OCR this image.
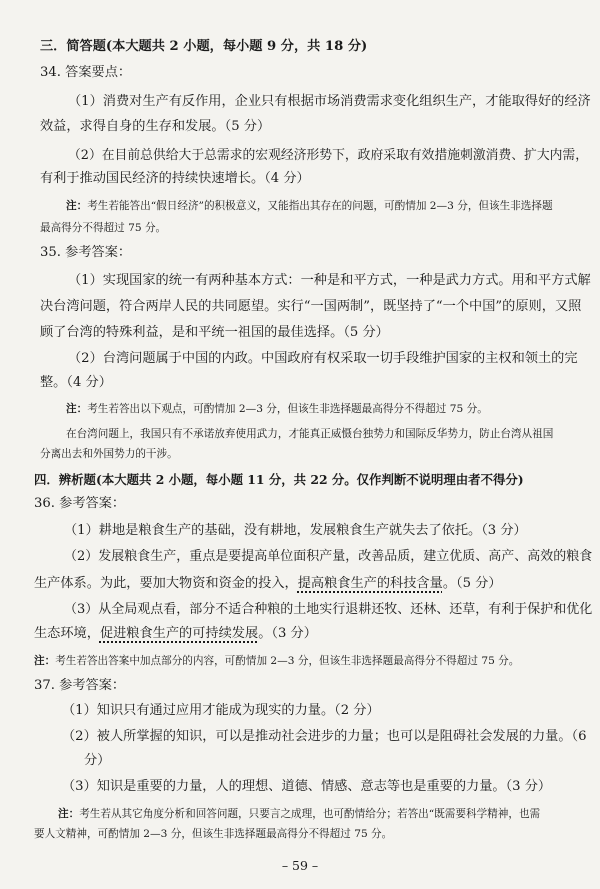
三．简答题(本大题共 2 小题，每小题 9 分，共 18 分)
34. 答案要点：
（1）消费对生产有反作用，企业只有根据市场消费需求变化组织生产，才能取得好的经济
效益，求得自身的生存和发展。（5 分）
（2）在目前总供给大于总需求的宏观经济形势下，政府采取有效措施刺激消费、扩大内需，
有利于推动国民经济的持续快速增长。（4 分）
注：考生若能答出“假日经济”的积极意义，又能指出其存在的问题，可酌情加 2—3 分，但该生非选择题
最高得分不得超过 75 分。
35. 参考答案：
（1）实现国家的统一有两种基本方式：一种是和平方式，一种是武力方式。用和平方式解
决台湾问题，符合两岸人民的共同愿望。实行“一国两制”，既坚持了“一个中国”的原则，又照
顾了台湾的特殊利益，是和平统一祖国的最佳选择。（5 分）
（2）台湾问题属于中国的内政。中国政府有权采取一切手段维护国家的主权和领土的完
整。（4 分）
注：考生若答出以下观点，可酌情加 2—3 分，但该生非选择题最高得分不得超过 75 分。
在台湾问题上，我国只有不承诺放弃使用武力，才能真正威慑台独势力和国际反华势力，防止台湾从祖国
分离出去和外国势力的干涉。
四．辨析题(本大题共 2 小题，每小题 11 分，共 22 分。仅作判断不说明理由者不得分)
36. 参考答案：
（1）耕地是粮食生产的基础，没有耕地，发展粮食生产就失去了依托。（3 分）
（2）发展粮食生产，重点是要提高单位面积产量，改善品质，建立优质、高产、高效的粮食
生产体系。为此，要加大物资和资金的投入，提高粮食生产的科技含量。（5 分）
（3）从全局观点看，部分不适合种粮的土地实行退耕还牧、还林、还草，有利于保护和优化
生态环境，促进粮食生产的可持续发展。（3 分）
注：考生若答出答案中加点部分的内容，可酌情加 2—3 分，但该生非选择题最高得分不得超过 75 分。
37. 参考答案：
（1）知识只有通过应用才能成为现实的力量。（2 分）
（2）被人所掌握的知识，可以是推动社会进步的力量；也可以是阻碍社会发展的力量。（6
分）
（3）知识是重要的力量，人的理想、道德、情感、意志等也是重要的力量。（3 分）
注：考生若从其它角度分析和回答问题，只要言之成理，也可酌情给分；若答出“既需要科学精神，也需
要人文精神，可酌情加 2—3 分，但该生非选择题最高得分不得超过 75 分。
– 59 –
